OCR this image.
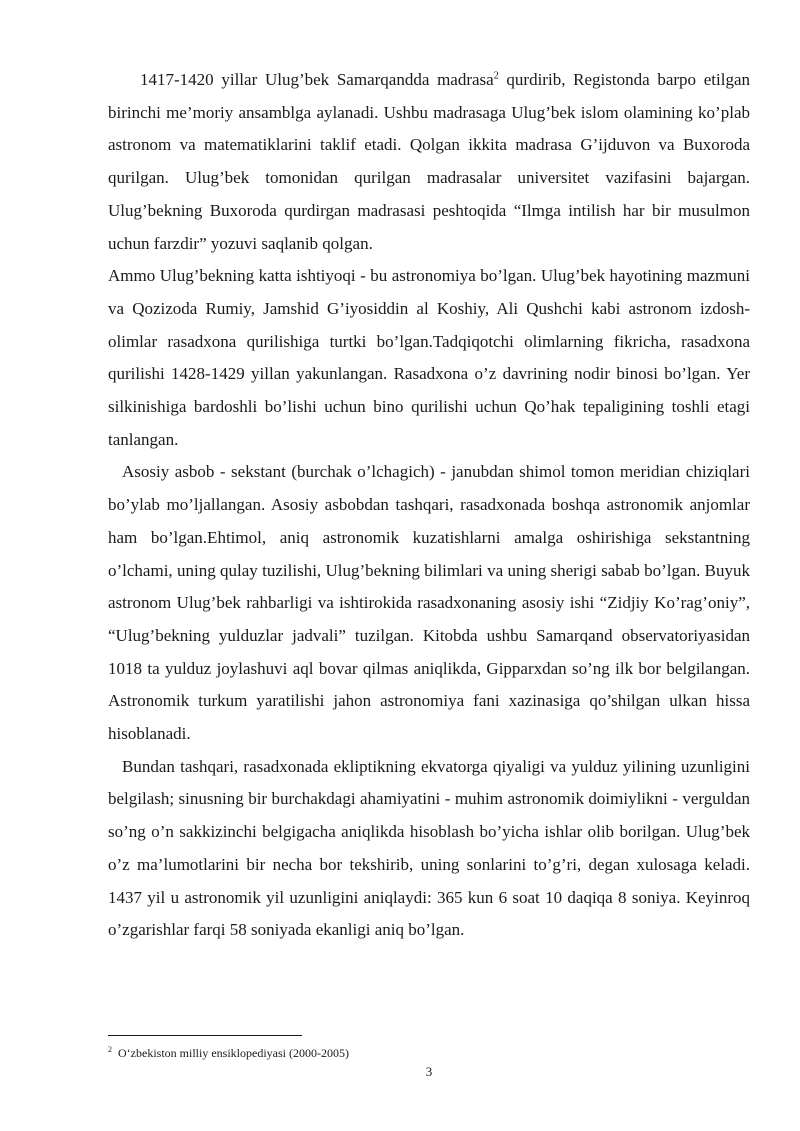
1417-1420 yillar Ulug’bek Samarqandda madrasa$^2$ qurdirib, Registonda barpo etilgan birinchi me’moriy ansamblga aylanadi. Ushbu madrasaga Ulug’bek islom olamining ko’plab astronom va matematiklarini taklif etadi. Qolgan ikkita madrasa G’ijduvon va Buxoroda qurilgan. Ulug’bek tomonidan qurilgan madrasalar universitet vazifasini bajargan. Ulug’bekning Buxoroda qurdirgan madrasasi peshtoqida “Ilmga intilish har bir musulmon uchun farzdir” yozuvi saqlanib qolgan.

Ammo Ulug’bekning katta ishtiyoqi - bu astronomiya bo’lgan. Ulug’bek hayotining mazmuni va Qozizoda Rumiy, Jamshid G’iyosiddin al Koshiy, Ali Qushchi kabi astronom izdosh-olimlar rasadxona qurilishiga turtki bo’lgan.Tadqiqotchi olimlarning fikricha, rasadxona qurilishi 1428-1429 yillan yakunlangan. Rasadxona o’z davrining nodir binosi bo’lgan. Yer silkinishiga bardoshli bo’lishi uchun bino qurilishi uchun Qo’hak tepaligining toshli etagi tanlangan.

Asosiy asbob - sekstant (burchak o’lchagich) - janubdan shimol tomon meridian chiziqlari bo’ylab mo’ljallangan. Asosiy asbobdan tashqari, rasadxonada boshqa astronomik anjomlar ham bo’lgan.Ehtimol, aniq astronomik kuzatishlarni amalga oshirishiga sekstantning o’lchami, uning qulay tuzilishi, Ulug’bekning bilimlari va uning sherigi sabab bo’lgan. Buyuk astronom Ulug’bek rahbarligi va ishtirokida rasadxonaning asosiy ishi “Zidjiy Ko’rag’oniy”, “Ulug’bekning yulduzlar jadvali” tuzilgan. Kitobda ushbu Samarqand observatoriyasidan 1018 ta yulduz joylashuvi aql bovar qilmas aniqlikda, Gipparxdan so’ng ilk bor belgilangan. Astronomik turkum yaratilishi jahon astronomiya fani xazinasiga qo’shilgan ulkan hissa hisoblanadi.

Bundan tashqari, rasadxonada ekliptikning ekvatorga qiyaligi va yulduz yilining uzunligini belgilash; sinusning bir burchakdagi ahamiyatini - muhim astronomik doimiylikni - verguldan so’ng o’n sakkizinchi belgigacha aniqlikda hisoblash bo’yicha ishlar olib borilgan. Ulug’bek o’z ma’lumotlarini bir necha bor tekshirib, uning sonlarini to’g’ri, degan xulosaga keladi. 1437 yil u astronomik yil uzunligini aniqlaydi: 365 kun 6 soat 10 daqiqa 8 soniya. Keyinroq o’zgarishlar farqi 58 soniyada ekanligi aniq bo’lgan.

$^2$ O‘zbekiston milliy ensiklopediyasi (2000-2005)
3
